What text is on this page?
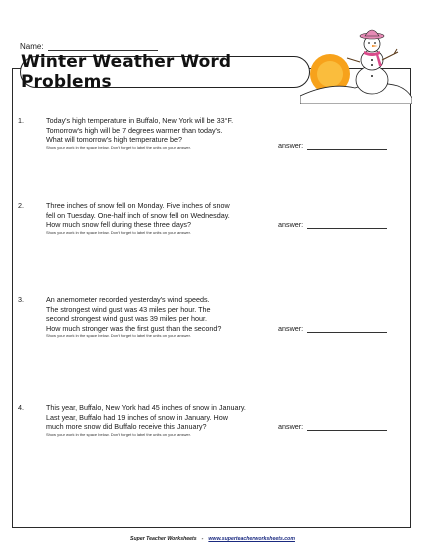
Name:
Winter Weather Word Problems
1.	Today's high temperature in Buffalo, New York will be 33°F.
Tomorrow's high will be 7 degrees warmer than today's.
What will tomorrow's high temperature be?
Show your work in the space below. Don't forget to label the units on your answer.	answer:
2.	Three inches of snow fell on Monday. Five inches of snow
fell on Tuesday. One-half inch of snow fell on Wednesday.
How much snow fell during these three days?
Show your work in the space below. Don't forget to label the units on your answer.
answer:
3.	An anemometer recorded yesterday's wind speeds.
The strongest wind gust was 43 miles per hour. The
second strongest wind gust was 39 miles per hour.
How much stronger was the first gust than the second?
Show your work in the space below. Don't forget to label the units on your answer.
answer:
4.	This year, Buffalo, New York had 45 inches of snow in January.
Last year, Buffalo had 19 inches of snow in January. How
much more snow did Buffalo receive this January?
Show your work in the space below. Don't forget to label the units on your answer.
answer:
Super Teacher Worksheets - www.superteacherworksheets.com
